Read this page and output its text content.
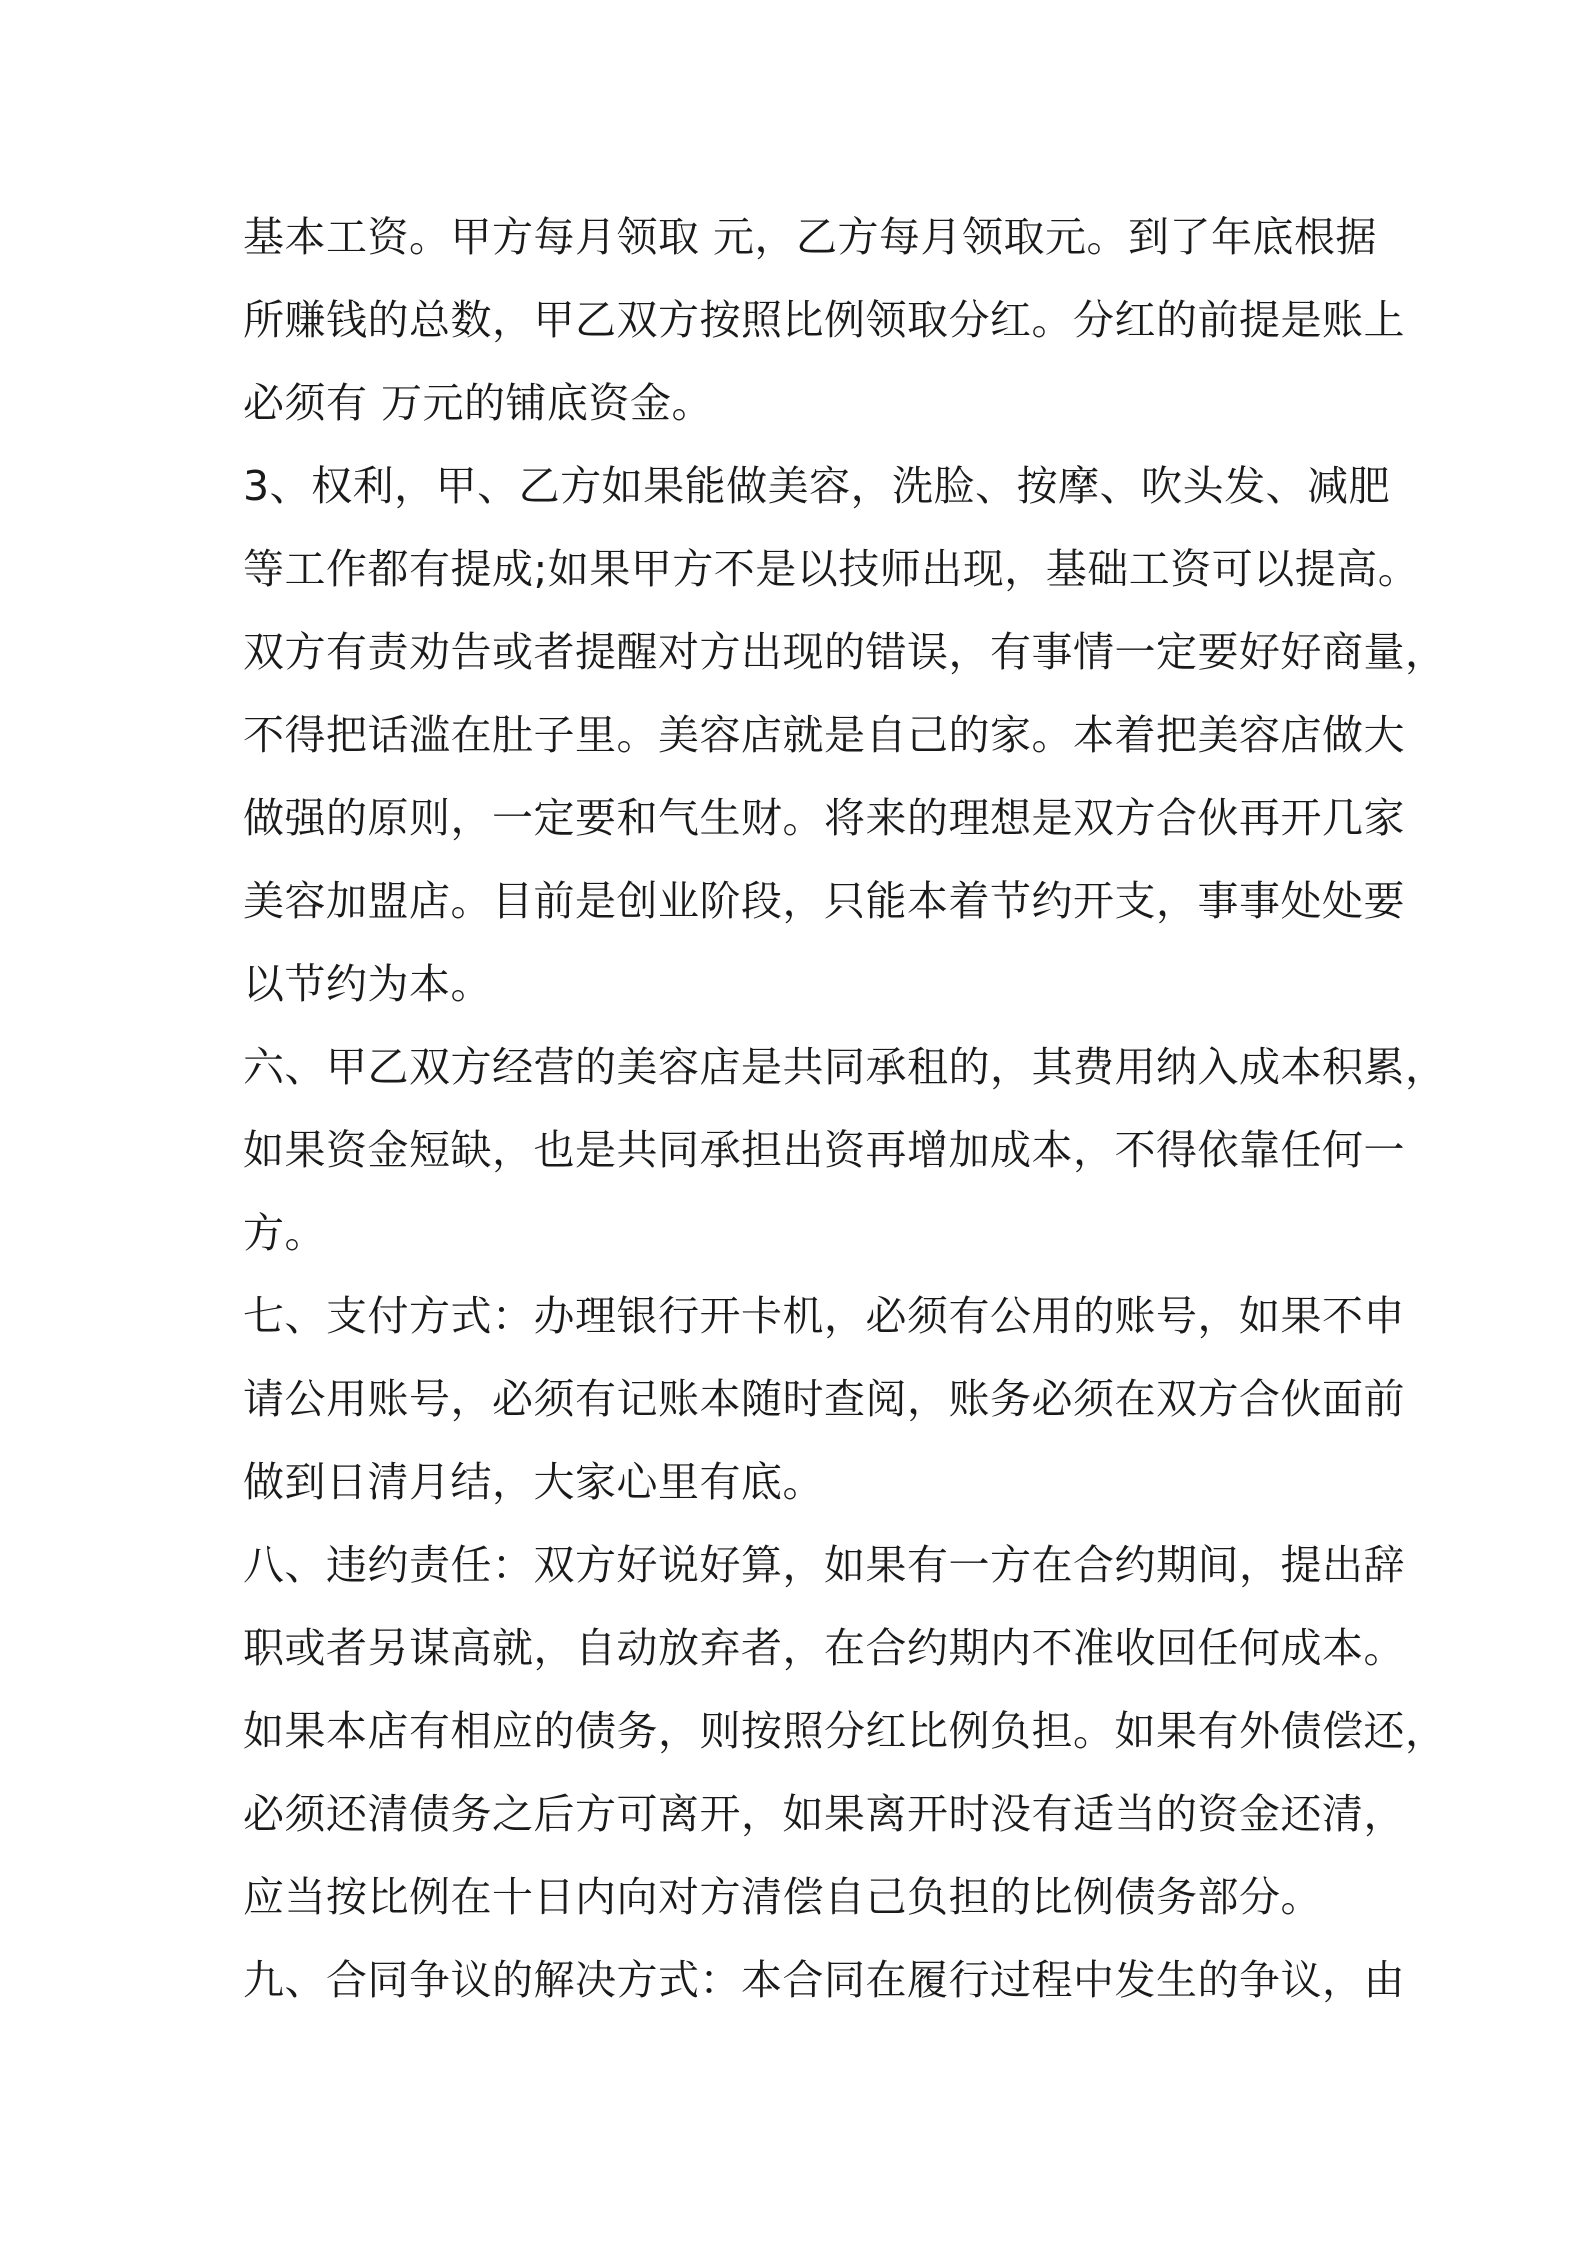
基本工资。甲方每月领取 元，乙方每月领取元。到了年底根据
所赚钱的总数，甲乙双方按照比例领取分红。分红的前提是账上
必须有 万元的铺底资金。
3、权利，甲、乙方如果能做美容，洗脸、按摩、吹头发、减肥
等工作都有提成;如果甲方不是以技师出现，基础工资可以提高。
双方有责劝告或者提醒对方出现的错误，有事情一定要好好商量，
不得把话滥在肚子里。美容店就是自己的家。本着把美容店做大
做强的原则，一定要和气生财。将来的理想是双方合伙再开几家
美容加盟店。目前是创业阶段，只能本着节约开支，事事处处要
以节约为本。
六、甲乙双方经营的美容店是共同承租的，其费用纳入成本积累，
如果资金短缺，也是共同承担出资再增加成本，不得依靠任何一
方。
七、支付方式：办理银行开卡机，必须有公用的账号，如果不申
请公用账号，必须有记账本随时查阅，账务必须在双方合伙面前
做到日清月结，大家心里有底。
八、违约责任：双方好说好算，如果有一方在合约期间，提出辞
职或者另谋高就，自动放弃者，在合约期内不准收回任何成本。
如果本店有相应的债务，则按照分红比例负担。如果有外债偿还，
必须还清债务之后方可离开，如果离开时没有适当的资金还清，
应当按比例在十日内向对方清偿自己负担的比例债务部分。
九、合同争议的解决方式：本合同在履行过程中发生的争议，由
